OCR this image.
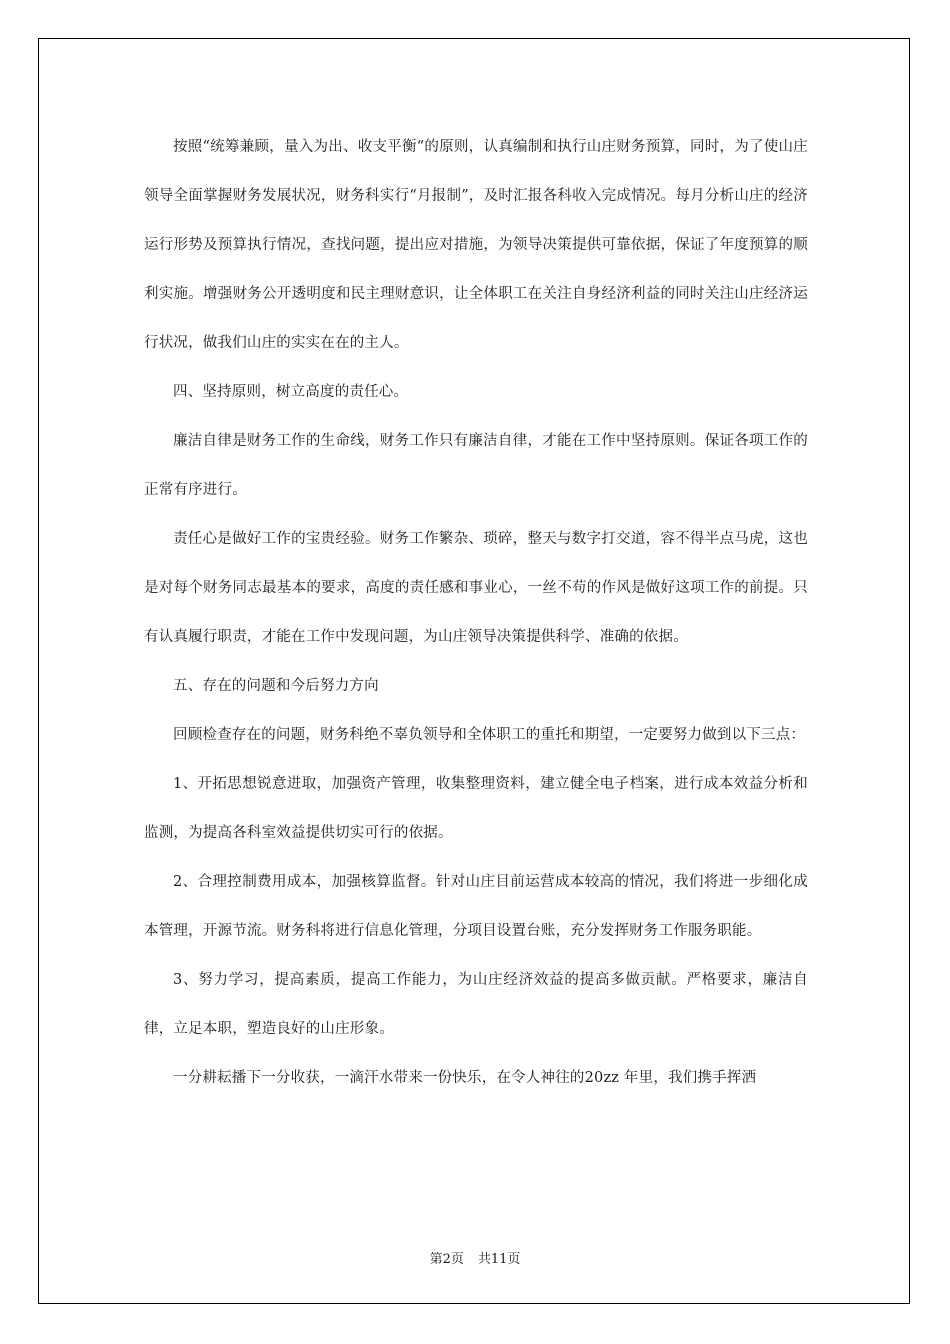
按照“统筹兼顾，量入为出、收支平衡“的原则，认真编制和执行山庄财务预算，同时，为了使山庄领导全面掌握财务发展状况，财务科实行“月报制”，及时汇报各科收入完成情况。每月分析山庄的经济运行形势及预算执行情况，查找问题，提出应对措施，为领导决策提供可靠依据，保证了年度预算的顺利实施。增强财务公开透明度和民主理财意识，让全体职工在关注自身经济利益的同时关注山庄经济运行状况，做我们山庄的实实在在的主人。

四、坚持原则，树立高度的责任心。

廉洁自律是财务工作的生命线，财务工作只有廉洁自律，才能在工作中坚持原则。保证各项工作的正常有序进行。

责任心是做好工作的宝贵经验。财务工作繁杂、琐碎，整天与数字打交道，容不得半点马虎，这也是对每个财务同志最基本的要求，高度的责任感和事业心，一丝不苟的作风是做好这项工作的前提。只有认真履行职责，才能在工作中发现问题，为山庄领导决策提供科学、准确的依据。

五、存在的问题和今后努力方向

回顾检查存在的问题，财务科绝不辜负领导和全体职工的重托和期望，一定要努力做到以下三点：

1、开拓思想锐意进取，加强资产管理，收集整理资料，建立健全电子档案，进行成本效益分析和监测，为提高各科室效益提供切实可行的依据。

2、合理控制费用成本，加强核算监督。针对山庄目前运营成本较高的情况，我们将进一步细化成本管理，开源节流。财务科将进行信息化管理，分项目设置台账，充分发挥财务工作服务职能。

3、努力学习，提高素质，提高工作能力，为山庄经济效益的提高多做贡献。严格要求，廉洁自律，立足本职，塑造良好的山庄形象。

一分耕耘播下一分收获，一滴汗水带来一份快乐，在令人神往的20zz 年里，我们携手挥洒

第2页 共11页
